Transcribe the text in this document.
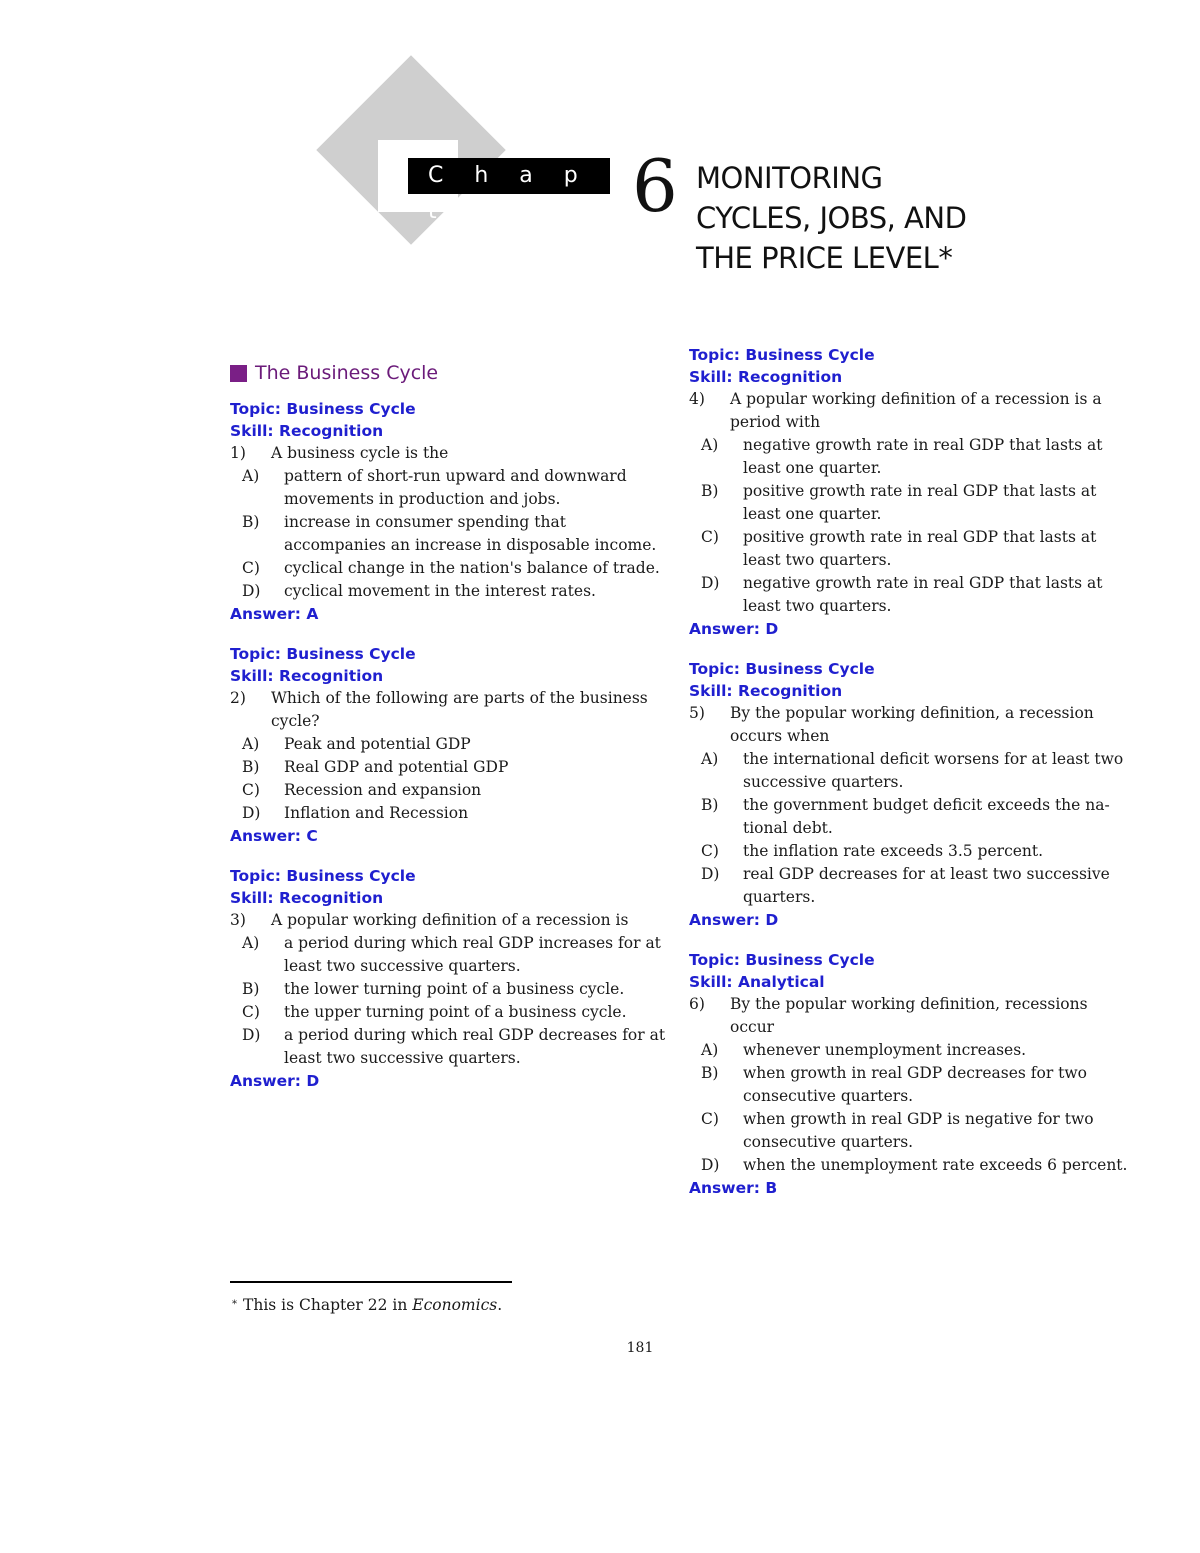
C h a p t e r	6 MONITORING
CYCLES, JOBS, AND
THE PRICE LEVEL*
The Business Cycle
Topic: Business Cycle
Skill: Recognition
1)	A business cycle is the
A)	pattern of short-run upward and downward movements in production and jobs.
B)	increase in consumer spending that accompanies an increase in disposable income.
C)	cyclical change in the nation's balance of trade.
D)	cyclical movement in the interest rates.
Answer: A
Topic: Business Cycle
Skill: Recognition
2)	Which of the following are parts of the business cycle?
A)	Peak and potential GDP
B)	Real GDP and potential GDP
C)	Recession and expansion
D)	Inflation and Recession
Answer: C
Topic: Business Cycle
Skill: Recognition
3)	A popular working definition of a recession is
A)	a period during which real GDP increases for at least two successive quarters.
B)	the lower turning point of a business cycle.
C)	the upper turning point of a business cycle.
D)	a period during which real GDP decreases for at least two successive quarters.
Answer: D
Topic: Business Cycle
Skill: Recognition
4)	A popular working definition of a recession is a period with
A)	negative growth rate in real GDP that lasts at least one quarter.
B)	positive growth rate in real GDP that lasts at least one quarter.
C)	positive growth rate in real GDP that lasts at least two quarters.
D)	negative growth rate in real GDP that lasts at least two quarters.
Answer: D
Topic: Business Cycle
Skill: Recognition
5)	By the popular working definition, a recession occurs when
A)	the international deficit worsens for at least two successive quarters.
B)	the government budget deficit exceeds the na-tional debt.
C)	the inflation rate exceeds 3.5 percent.
D)	real GDP decreases for at least two successive quarters.
Answer: D
Topic: Business Cycle
Skill: Analytical
6)	By the popular working definition, recessions occur
A)	whenever unemployment increases.
B)	when growth in real GDP decreases for two consecutive quarters.
C)	when growth in real GDP is negative for two consecutive quarters.
D)	when the unemployment rate exceeds 6 percent.
Answer: B
* This is Chapter 22 in Economics.
181
